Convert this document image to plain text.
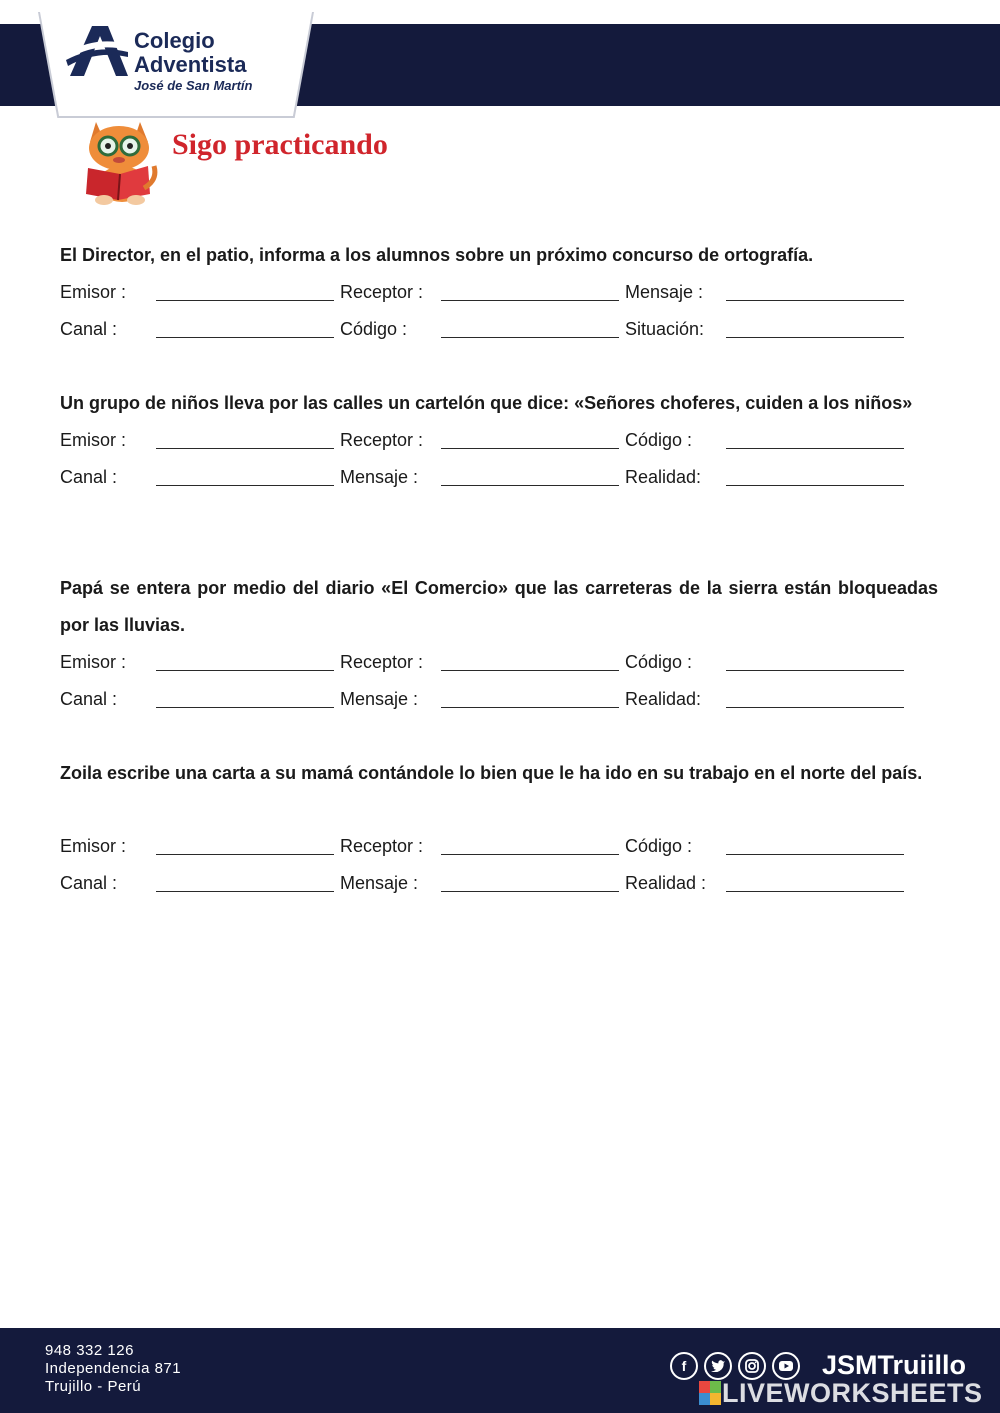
Colegio
Adventista
José de San Martín
Sigo practicando

El Director, en el patio, informa a los alumnos sobre un próximo concurso de ortografía.

Emisor :	Receptor :	Mensaje :
Canal :	Código :	Situación:

Un grupo de niños lleva por las calles un cartelón que dice: «Señores choferes, cuiden a los niños»

Emisor :	Receptor :	Código :
Canal :	Mensaje :	Realidad:

Papá se entera por medio del diario «El Comercio» que las carreteras de la sierra están bloqueadas por las lluvias.

Emisor :	Receptor :	Código :
Canal :	Mensaje :	Realidad:

Zoila escribe una carta a su mamá contándole lo bien que le ha ido en su trabajo en el norte del país.

Emisor :	Receptor :	Código :
Canal :	Mensaje :	Realidad :
948 332 126
Independencia 871
Trujillo - Perú
f	JSMTruiillo
LIVEWORKSHEETS
